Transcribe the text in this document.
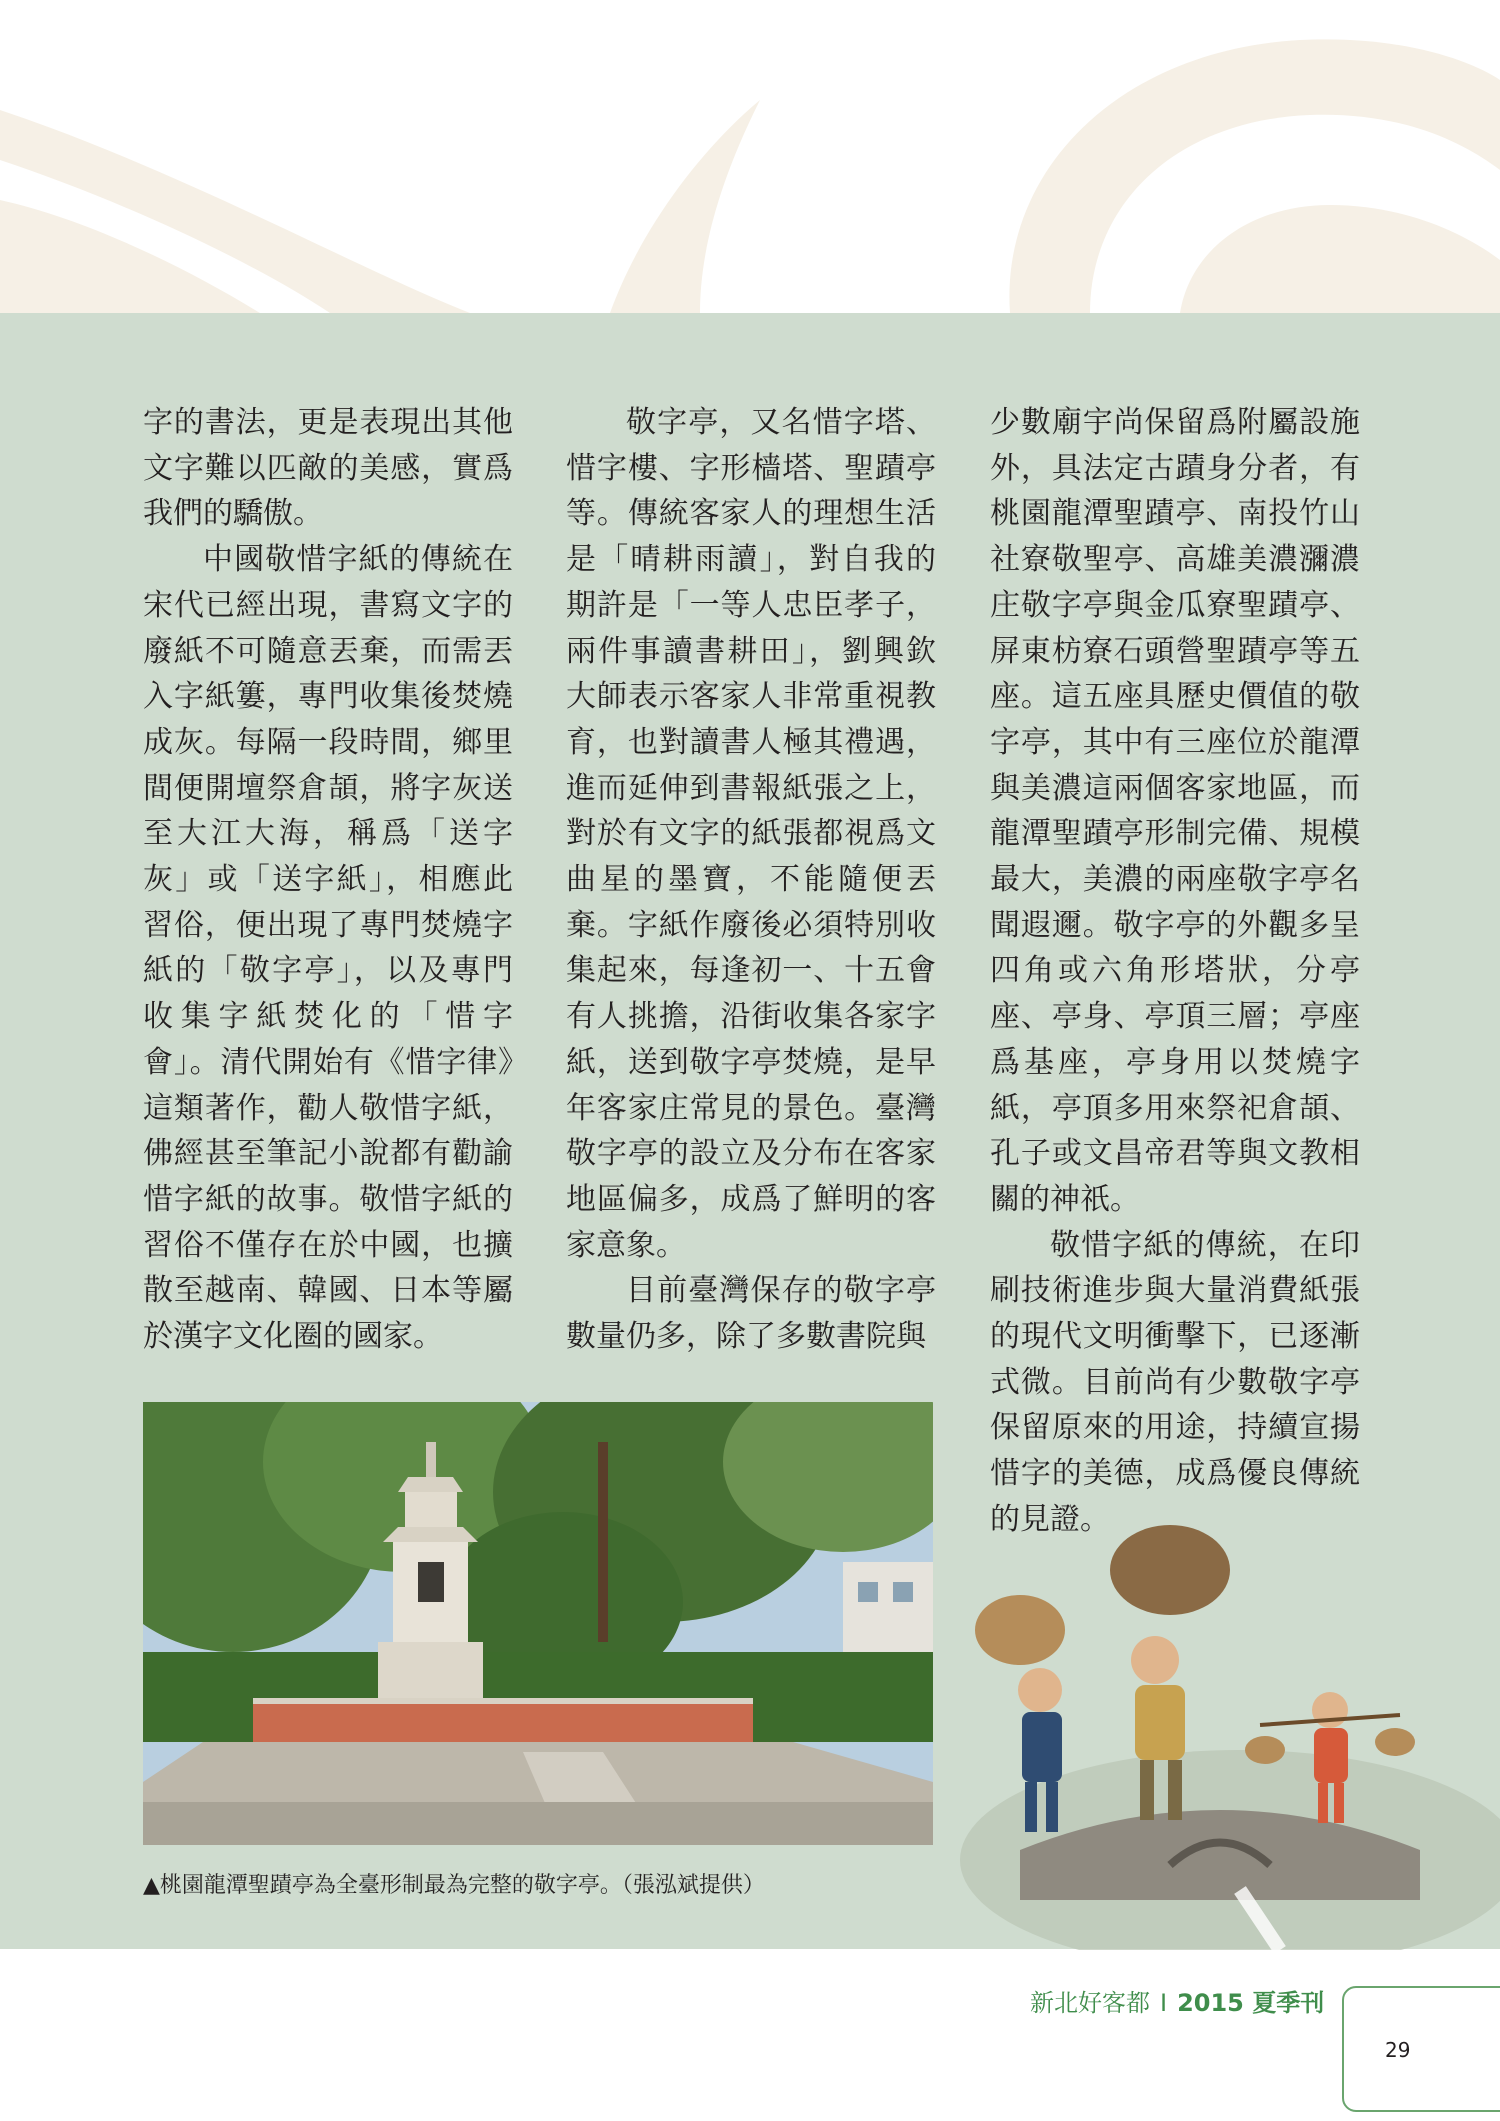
字的書法，更是表現出其他文字難以匹敵的美感，實爲我們的驕傲。

中國敬惜字紙的傳統在宋代已經出現，書寫文字的廢紙不可隨意丟棄，而需丟入字紙簍，專門收集後焚燒成灰。每隔一段時間，鄉里間便開壇祭倉頡，將字灰送至大江大海，稱爲「送字灰」或「送字紙」，相應此習俗，便出現了專門焚燒字紙的「敬字亭」，以及專門收集字紙焚化的「惜字會」。清代開始有《惜字律》這類著作，勸人敬惜字紙，佛經甚至筆記小說都有勸諭惜字紙的故事。敬惜字紙的習俗不僅存在於中國，也擴散至越南、韓國、日本等屬於漢字文化圈的國家。

敬字亭，又名惜字塔、惜字樓、字形樯塔、聖蹟亭等。傳統客家人的理想生活是「晴耕雨讀」，對自我的期許是「一等人忠臣孝子，兩件事讀書耕田」，劉興欽大師表示客家人非常重視教育，也對讀書人極其禮遇，進而延伸到書報紙張之上，對於有文字的紙張都視爲文曲星的墨寶，不能隨便丟棄。字紙作廢後必須特別收集起來，每逢初一、十五會有人挑擔，沿街收集各家字紙，送到敬字亭焚燒，是早年客家庄常見的景色。臺灣敬字亭的設立及分布在客家地區偏多，成爲了鮮明的客家意象。

目前臺灣保存的敬字亭數量仍多，除了多數書院與

少數廟宇尚保留爲附屬設施外，具法定古蹟身分者，有桃園龍潭聖蹟亭、南投竹山社寮敬聖亭、高雄美濃瀰濃庄敬字亭與金瓜寮聖蹟亭、屏東枋寮石頭營聖蹟亭等五座。這五座具歷史價值的敬字亭，其中有三座位於龍潭與美濃這兩個客家地區，而龍潭聖蹟亭形制完備、規模最大，美濃的兩座敬字亭名聞遐邇。敬字亭的外觀多呈四角或六角形塔狀，分亭座、亭身、亭頂三層；亭座爲基座，亭身用以焚燒字紙，亭頂多用來祭祀倉頡、孔子或文昌帝君等與文教相關的神祇。

敬惜字紙的傳統，在印刷技術進步與大量消費紙張的現代文明衝擊下，已逐漸式微。目前尚有少數敬字亭保留原來的用途，持續宣揚惜字的美德，成爲優良傳統的見證。

▲桃園龍潭聖蹟亭為全臺形制最為完整的敬字亭。（張泓斌提供）
新北好客都 I 2015 夏季刊
29
